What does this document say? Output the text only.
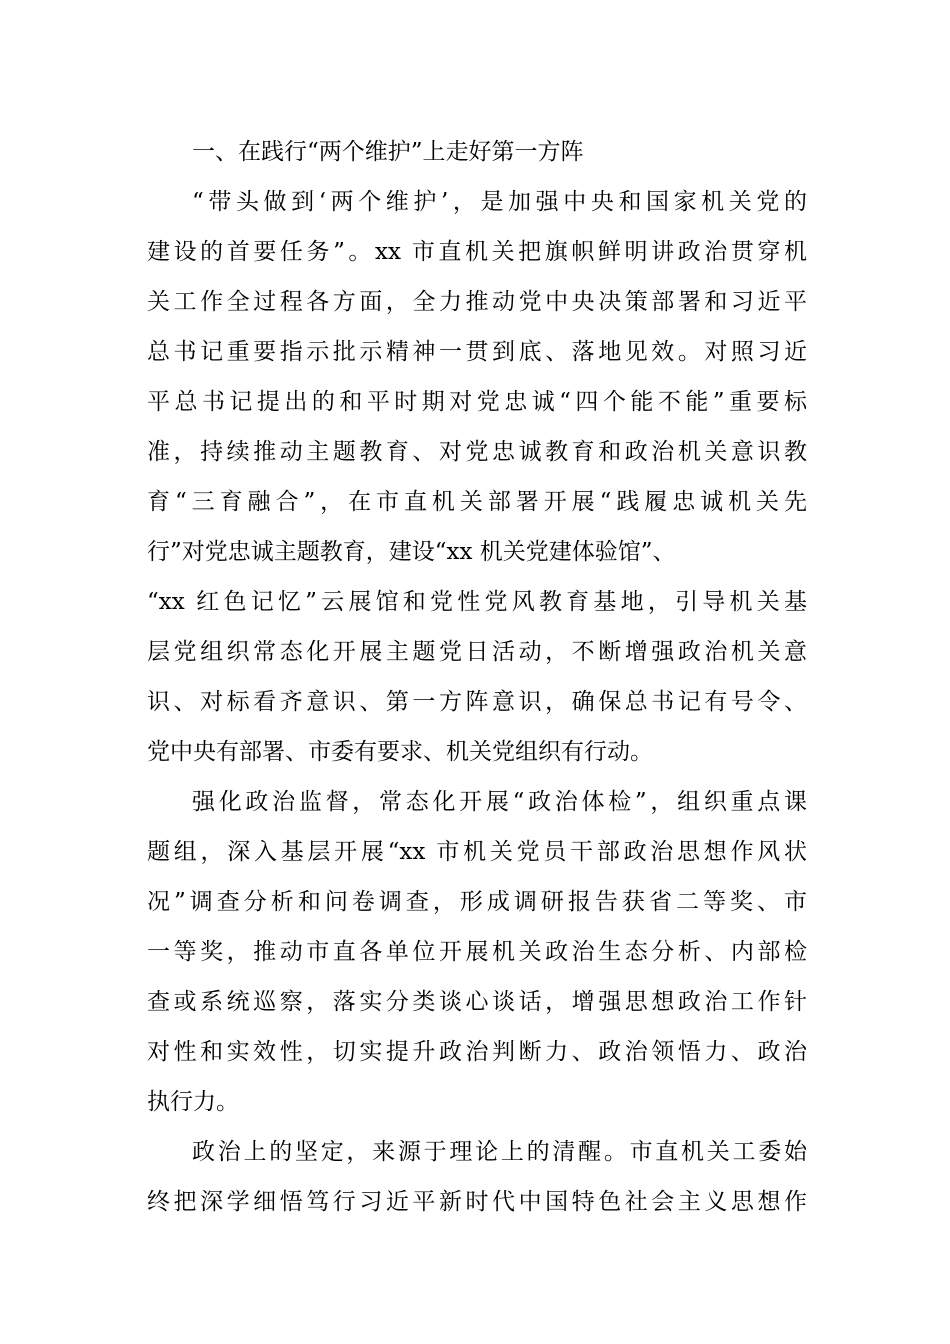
一、在践行“两个维护”上走好第一方阵
“带头做到‘两个维护’，是加强中央和国家机关党的
建设的首要任务”。xx 市直机关把旗帜鲜明讲政治贯穿机
关工作全过程各方面，全力推动党中央决策部署和习近平
总书记重要指示批示精神一贯到底、落地见效。对照习近
平总书记提出的和平时期对党忠诚“四个能不能”重要标
准，持续推动主题教育、对党忠诚教育和政治机关意识教
育“三育融合”，在市直机关部署开展“践履忠诚机关先
行”对党忠诚主题教育，建设“xx 机关党建体验馆”、
“xx 红色记忆”云展馆和党性党风教育基地，引导机关基
层党组织常态化开展主题党日活动，不断增强政治机关意
识、对标看齐意识、第一方阵意识，确保总书记有号令、
党中央有部署、市委有要求、机关党组织有行动。
强化政治监督，常态化开展“政治体检”，组织重点课
题组，深入基层开展“xx 市机关党员干部政治思想作风状
况”调查分析和问卷调查，形成调研报告获省二等奖、市
一等奖，推动市直各单位开展机关政治生态分析、内部检
查或系统巡察，落实分类谈心谈话，增强思想政治工作针
对性和实效性，切实提升政治判断力、政治领悟力、政治
执行力。
政治上的坚定，来源于理论上的清醒。市直机关工委始
终把深学细悟笃行习近平新时代中国特色社会主义思想作
